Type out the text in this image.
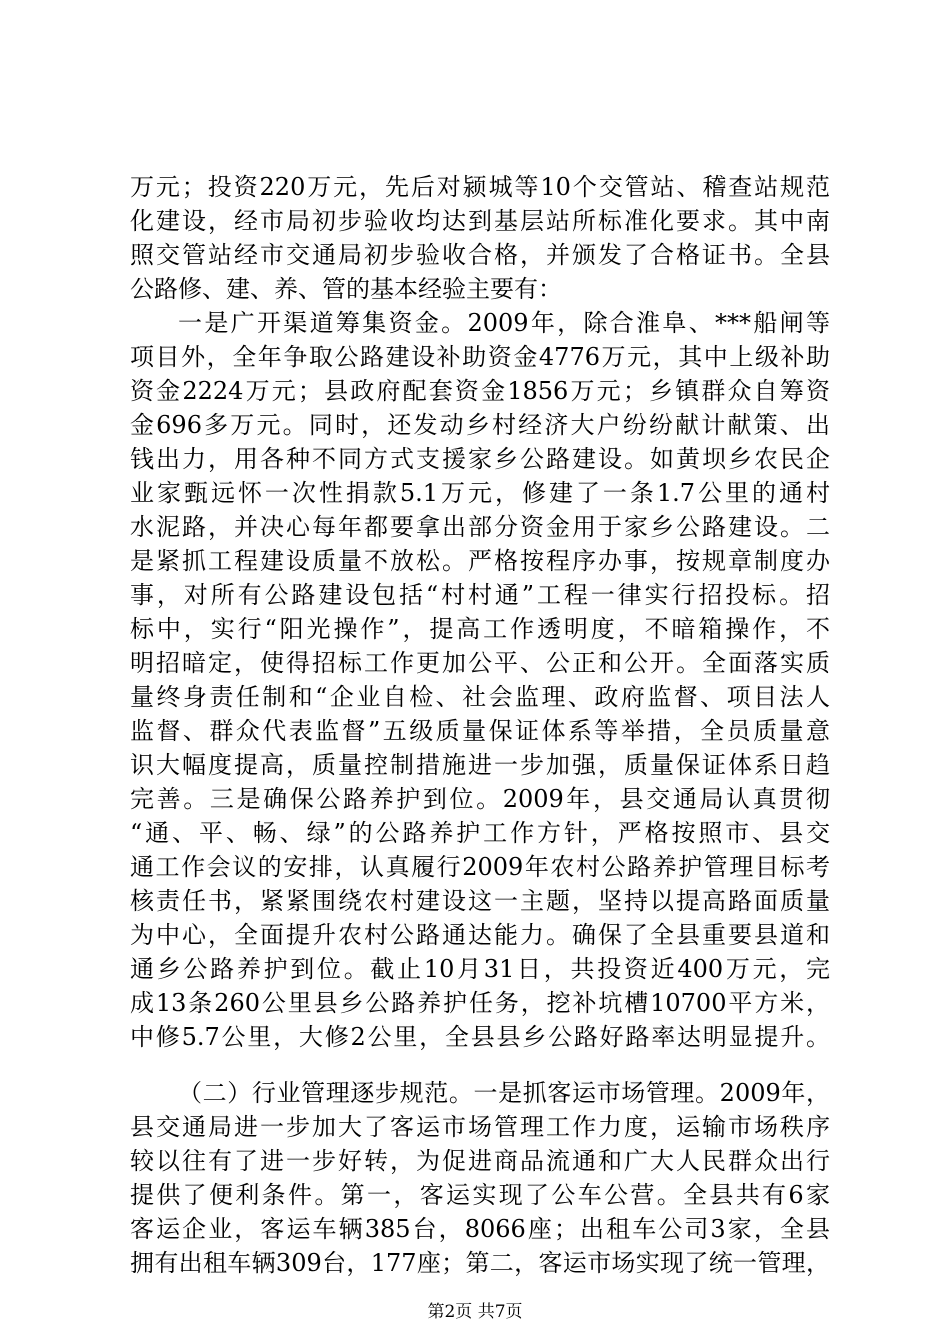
万元；投资220万元，先后对颍城等10个交管站、稽查站规范
化建设，经市局初步验收均达到基层站所标准化要求。其中南
照交管站经市交通局初步验收合格，并颁发了合格证书。全县
公路修、建、养、管的基本经验主要有：
一是广开渠道筹集资金。2009年，除合淮阜、***船闸等
项目外，全年争取公路建设补助资金4776万元，其中上级补助
资金2224万元；县政府配套资金1856万元；乡镇群众自筹资
金696多万元。同时，还发动乡村经济大户纷纷献计献策、出
钱出力，用各种不同方式支援家乡公路建设。如黄坝乡农民企
业家甄远怀一次性捐款5.1万元，修建了一条1.7公里的通村
水泥路，并决心每年都要拿出部分资金用于家乡公路建设。二
是紧抓工程建设质量不放松。严格按程序办事，按规章制度办
事，对所有公路建设包括“村村通”工程一律实行招投标。招
标中，实行“阳光操作”，提高工作透明度，不暗箱操作，不
明招暗定，使得招标工作更加公平、公正和公开。全面落实质
量终身责任制和“企业自检、社会监理、政府监督、项目法人
监督、群众代表监督”五级质量保证体系等举措，全员质量意
识大幅度提高，质量控制措施进一步加强，质量保证体系日趋
完善。三是确保公路养护到位。2009年，县交通局认真贯彻
“通、平、畅、绿”的公路养护工作方针，严格按照市、县交
通工作会议的安排，认真履行2009年农村公路养护管理目标考
核责任书，紧紧围绕农村建设这一主题，坚持以提高路面质量
为中心，全面提升农村公路通达能力。确保了全县重要县道和
通乡公路养护到位。截止10月31日，共投资近400万元，完
成13条260公里县乡公路养护任务，挖补坑槽10700平方米，
中修5.7公里，大修2公里，全县县乡公路好路率达明显提升。
（二）行业管理逐步规范。一是抓客运市场管理。2009年，
县交通局进一步加大了客运市场管理工作力度，运输市场秩序
较以往有了进一步好转，为促进商品流通和广大人民群众出行
提供了便利条件。第一，客运实现了公车公营。全县共有6家
客运企业，客运车辆385台，8066座；出租车公司3家，全县
拥有出租车辆309台，177座；第二，客运市场实现了统一管理，
第2页 共7页
